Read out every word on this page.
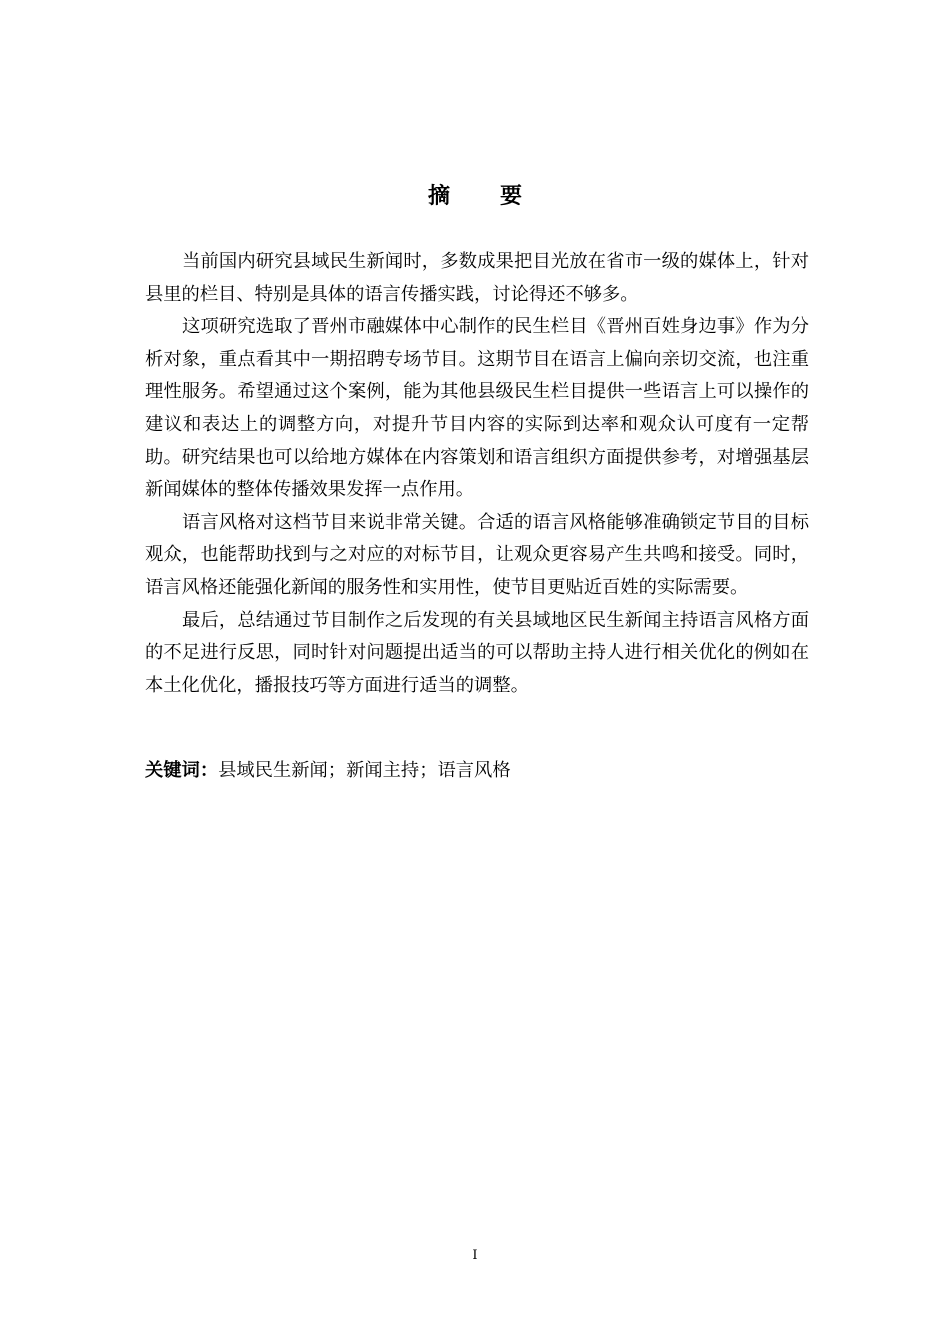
摘 要

当前国内研究县域民生新闻时，多数成果把目光放在省市一级的媒体上，针对县里的栏目、特别是具体的语言传播实践，讨论得还不够多。

这项研究选取了晋州市融媒体中心制作的民生栏目《晋州百姓身边事》作为分析对象，重点看其中一期招聘专场节目。这期节目在语言上偏向亲切交流，也注重理性服务。希望通过这个案例，能为其他县级民生栏目提供一些语言上可以操作的建议和表达上的调整方向，对提升节目内容的实际到达率和观众认可度有一定帮助。研究结果也可以给地方媒体在内容策划和语言组织方面提供参考，对增强基层新闻媒体的整体传播效果发挥一点作用。

语言风格对这档节目来说非常关键。合适的语言风格能够准确锁定节目的目标观众，也能帮助找到与之对应的对标节目，让观众更容易产生共鸣和接受。同时，语言风格还能强化新闻的服务性和实用性，使节目更贴近百姓的实际需要。

最后，总结通过节目制作之后发现的有关县域地区民生新闻主持语言风格方面的不足进行反思，同时针对问题提出适当的可以帮助主持人进行相关优化的例如在本土化优化，播报技巧等方面进行适当的调整。

关键词：县域民生新闻；新闻主持；语言风格
I
